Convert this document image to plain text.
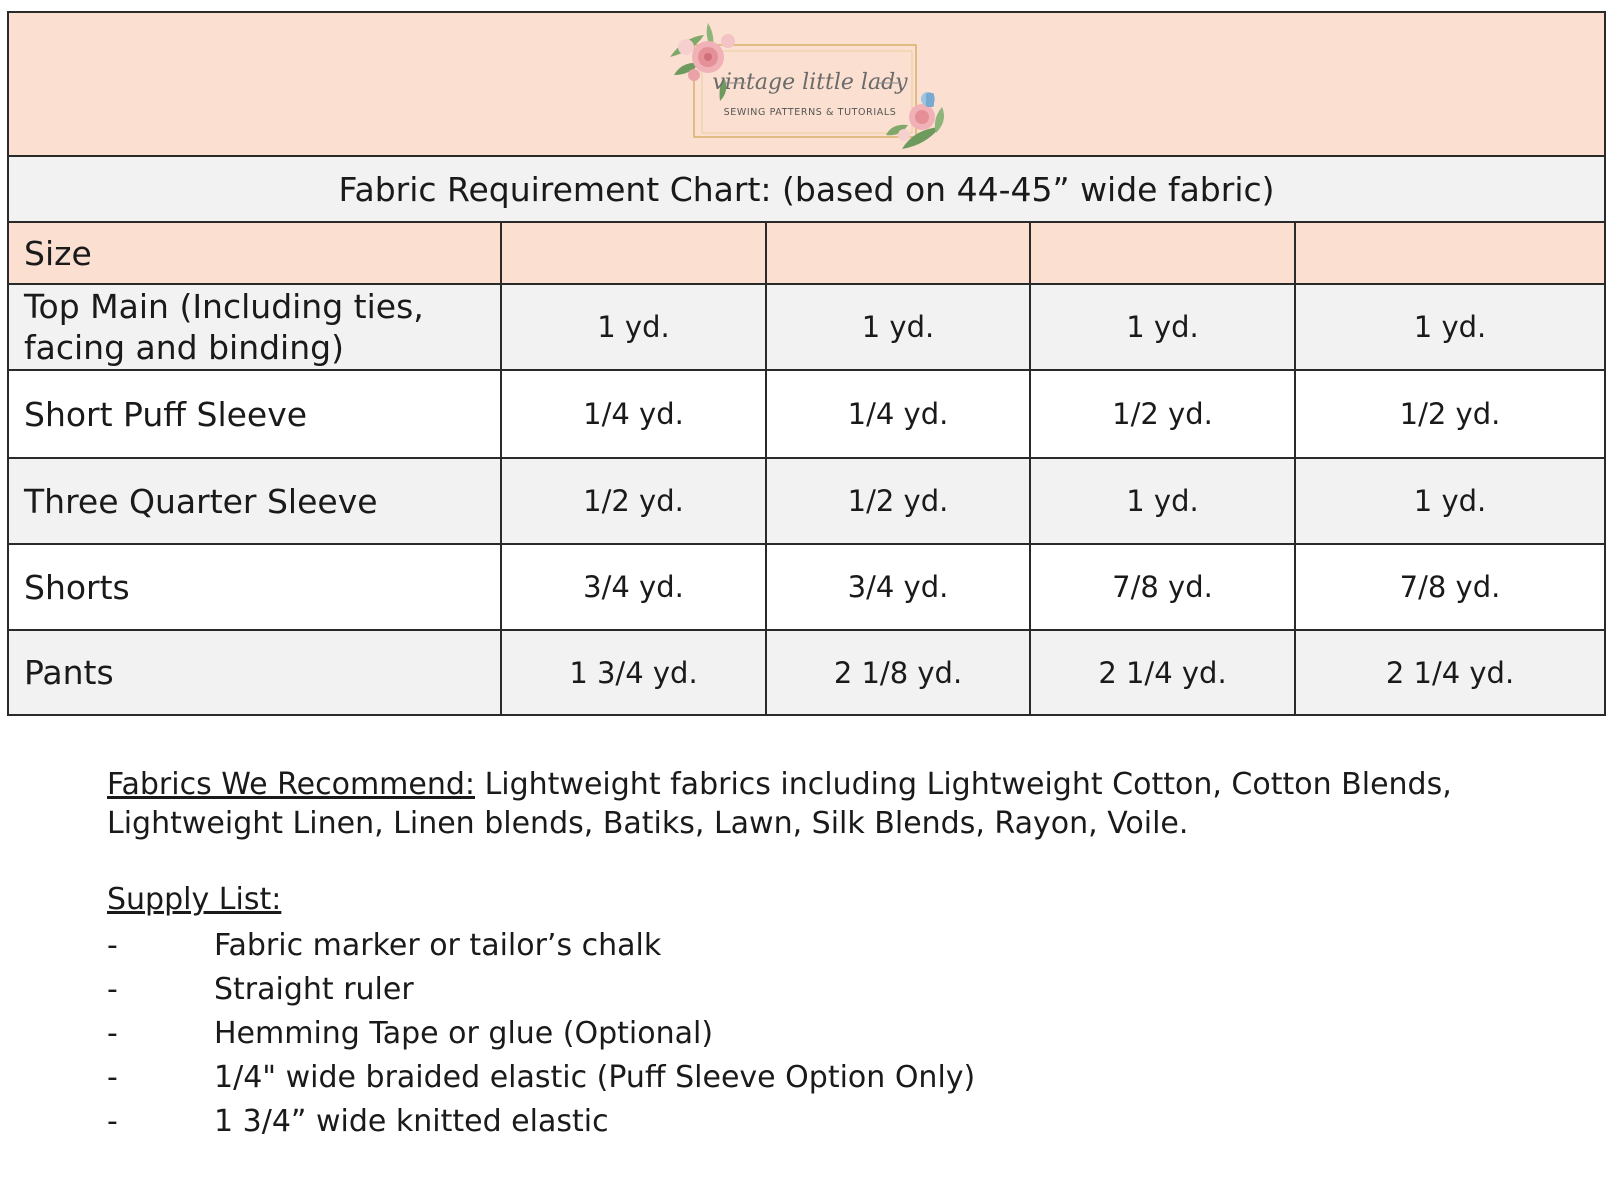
vintage little lady
SEWING PATTERNS & TUTORIALS				

Fabric Requirement Chart: (based on 44-45” wide fabric)				
Size				
Top Main (Including ties,
facing and binding)	1 yd.	1 yd.	1 yd.	1 yd.
Short Puff Sleeve	1/4 yd.	1/4 yd.	1/2 yd.	1/2 yd.
Three Quarter Sleeve	1/2 yd.	1/2 yd.	1 yd.	1 yd.
Shorts	3/4 yd.	3/4 yd.	7/8 yd.	7/8 yd.
Pants	1 3/4 yd.	2 1/8 yd.	2 1/4 yd.	2 1/4 yd.
Fabrics We Recommend: Lightweight fabrics including Lightweight Cotton, Cotton Blends, Lightweight Linen, Linen blends, Batiks, Lawn, Silk Blends, Rayon, Voile.
Supply List:
-	Fabric marker or tailor’s chalk
-	Straight ruler
-	Hemming Tape or glue (Optional)
-	1/4" wide braided elastic (Puff Sleeve Option Only)
-	1 3/4” wide knitted elastic
